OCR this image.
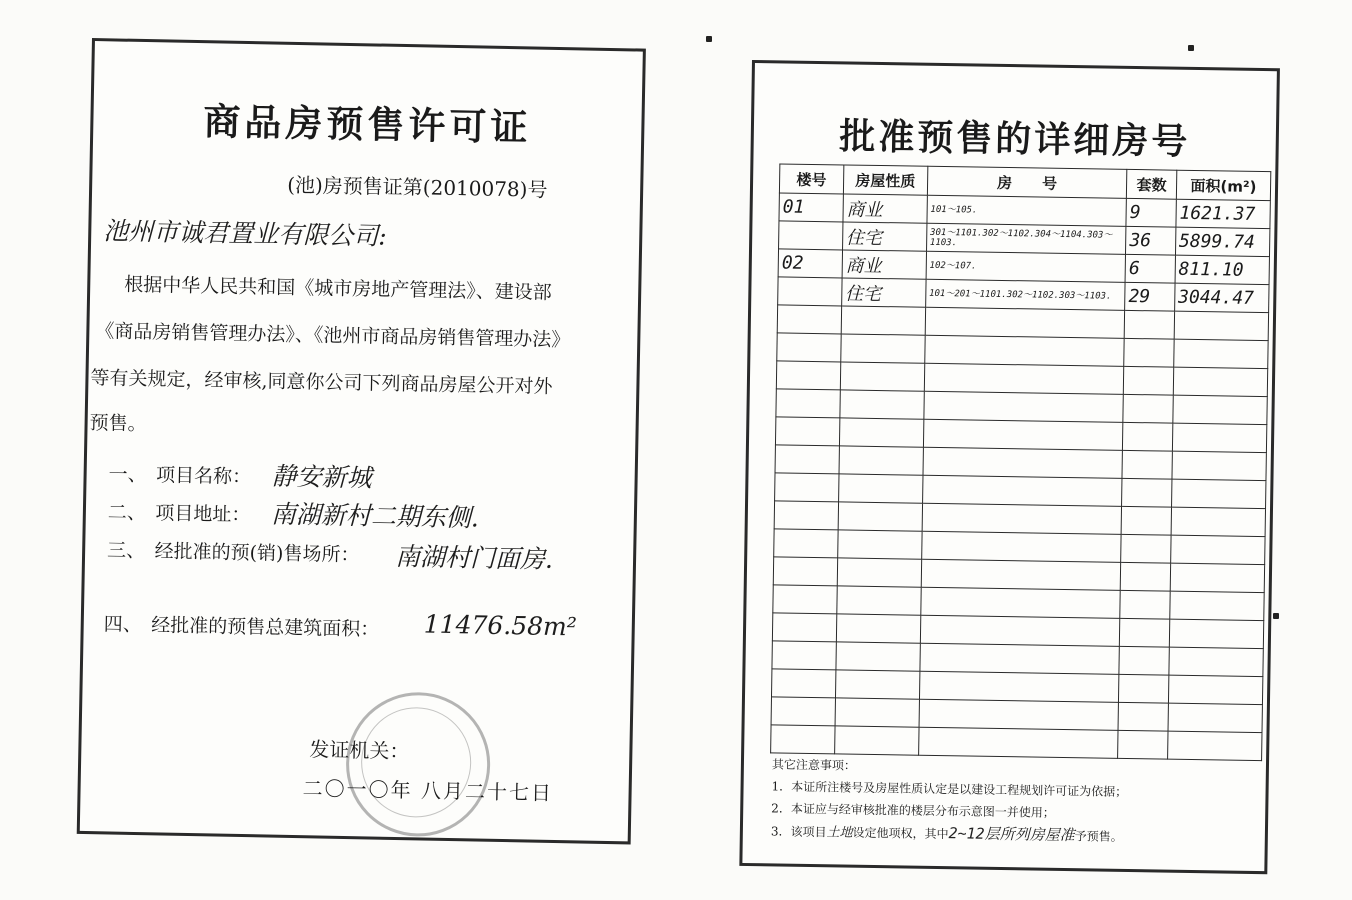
商品房预售许可证
(池)房预售证第(2010078)号
池州市诚君置业有限公司:
根据中华人民共和国《城市房地产管理法》、建设部
《商品房销售管理办法》、《池州市商品房销售管理办法》
等有关规定，经审核,同意你公司下列商品房屋公开对外
预售。
一、　项目名称： 静安新城
二、　项目地址： 南湖新村二期东侧.
三、　经批准的预(销)售场所： 南湖村门面房.
四、　经批准的预售总建筑面积： 11476.58m²
发证机关：
二〇一〇年 八月二十七日
批准预售的详细房号
楼号	房屋性质	房　　号	套数	面积(m²)
01	商业	101～105.	9	1621.37
	住宅	301～1101.302～1102.304～1104.303～1103.	36	5899.74
02	商业	102～107.	6	811.10
	住宅	101～201～1101.302～1102.303～1103.	29	3044.47

其它注意事项：
1．本证所注楼号及房屋性质认定是以建设工程规划许可证为依据；
2．本证应与经审核批准的楼层分布示意图一并使用；
3．该项目土地设定他项权，其中2~12层所列房屋准予预售。
